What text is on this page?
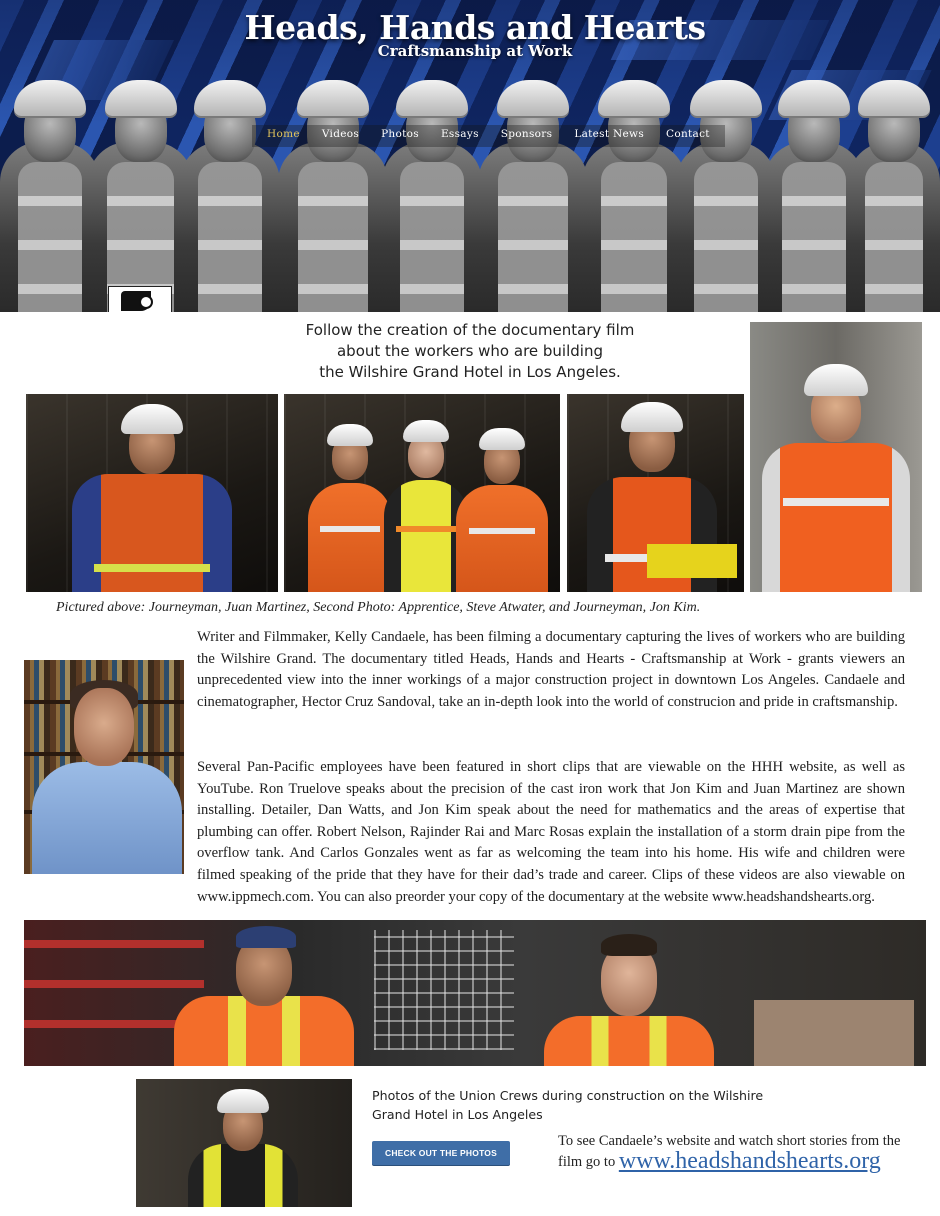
Heads, Hands and Hearts
Craftsmanship at Work
Home	Videos	Photos	Essays	Sponsors	Latest News	Contact
Follow the creation of the documentary film
about the workers who are building
the Wilshire Grand Hotel in Los Angeles.
Pictured above: Journeyman, Juan Martinez, Second Photo: Apprentice, Steve Atwater, and Journeyman, Jon Kim.

Writer and Filmmaker, Kelly Candaele, has been filming a documentary capturing the lives of workers who are building the Wilshire Grand. The documentary titled Heads, Hands and Hearts - Craftsmanship at Work - grants viewers an unprecedented view into the inner workings of a major construction project in downtown Los Angeles. Candaele and cinematographer, Hector Cruz Sandoval, take an in-depth look into the world of construcion and pride in craftsmanship.

Several Pan-Pacific employees have been featured in short clips that are viewable on the HHH website, as well as YouTube. Ron Truelove speaks about the precision of the cast iron work that Jon Kim and Juan Martinez are shown installing. Detailer, Dan Watts, and Jon Kim speak about the need for mathematics and the areas of expertise that plumbing can offer. Robert Nelson, Rajinder Rai and Marc Rosas explain the installation of a storm drain pipe from the overflow tank. And Carlos Gonzales went as far as welcoming the team into his home. His wife and children were filmed speaking of the pride that they have for their dad’s trade and career. Clips of these videos are also viewable on www.ippmech.com. You can also preorder your copy of the documentary at the website www.headshandshearts.org.

Photos of the Union Crews during construction on the Wilshire
Grand Hotel in Los Angeles
CHECK OUT THE PHOTOS
To see Candaele’s website and watch short stories from the
film go to www.headshandshearts.org
